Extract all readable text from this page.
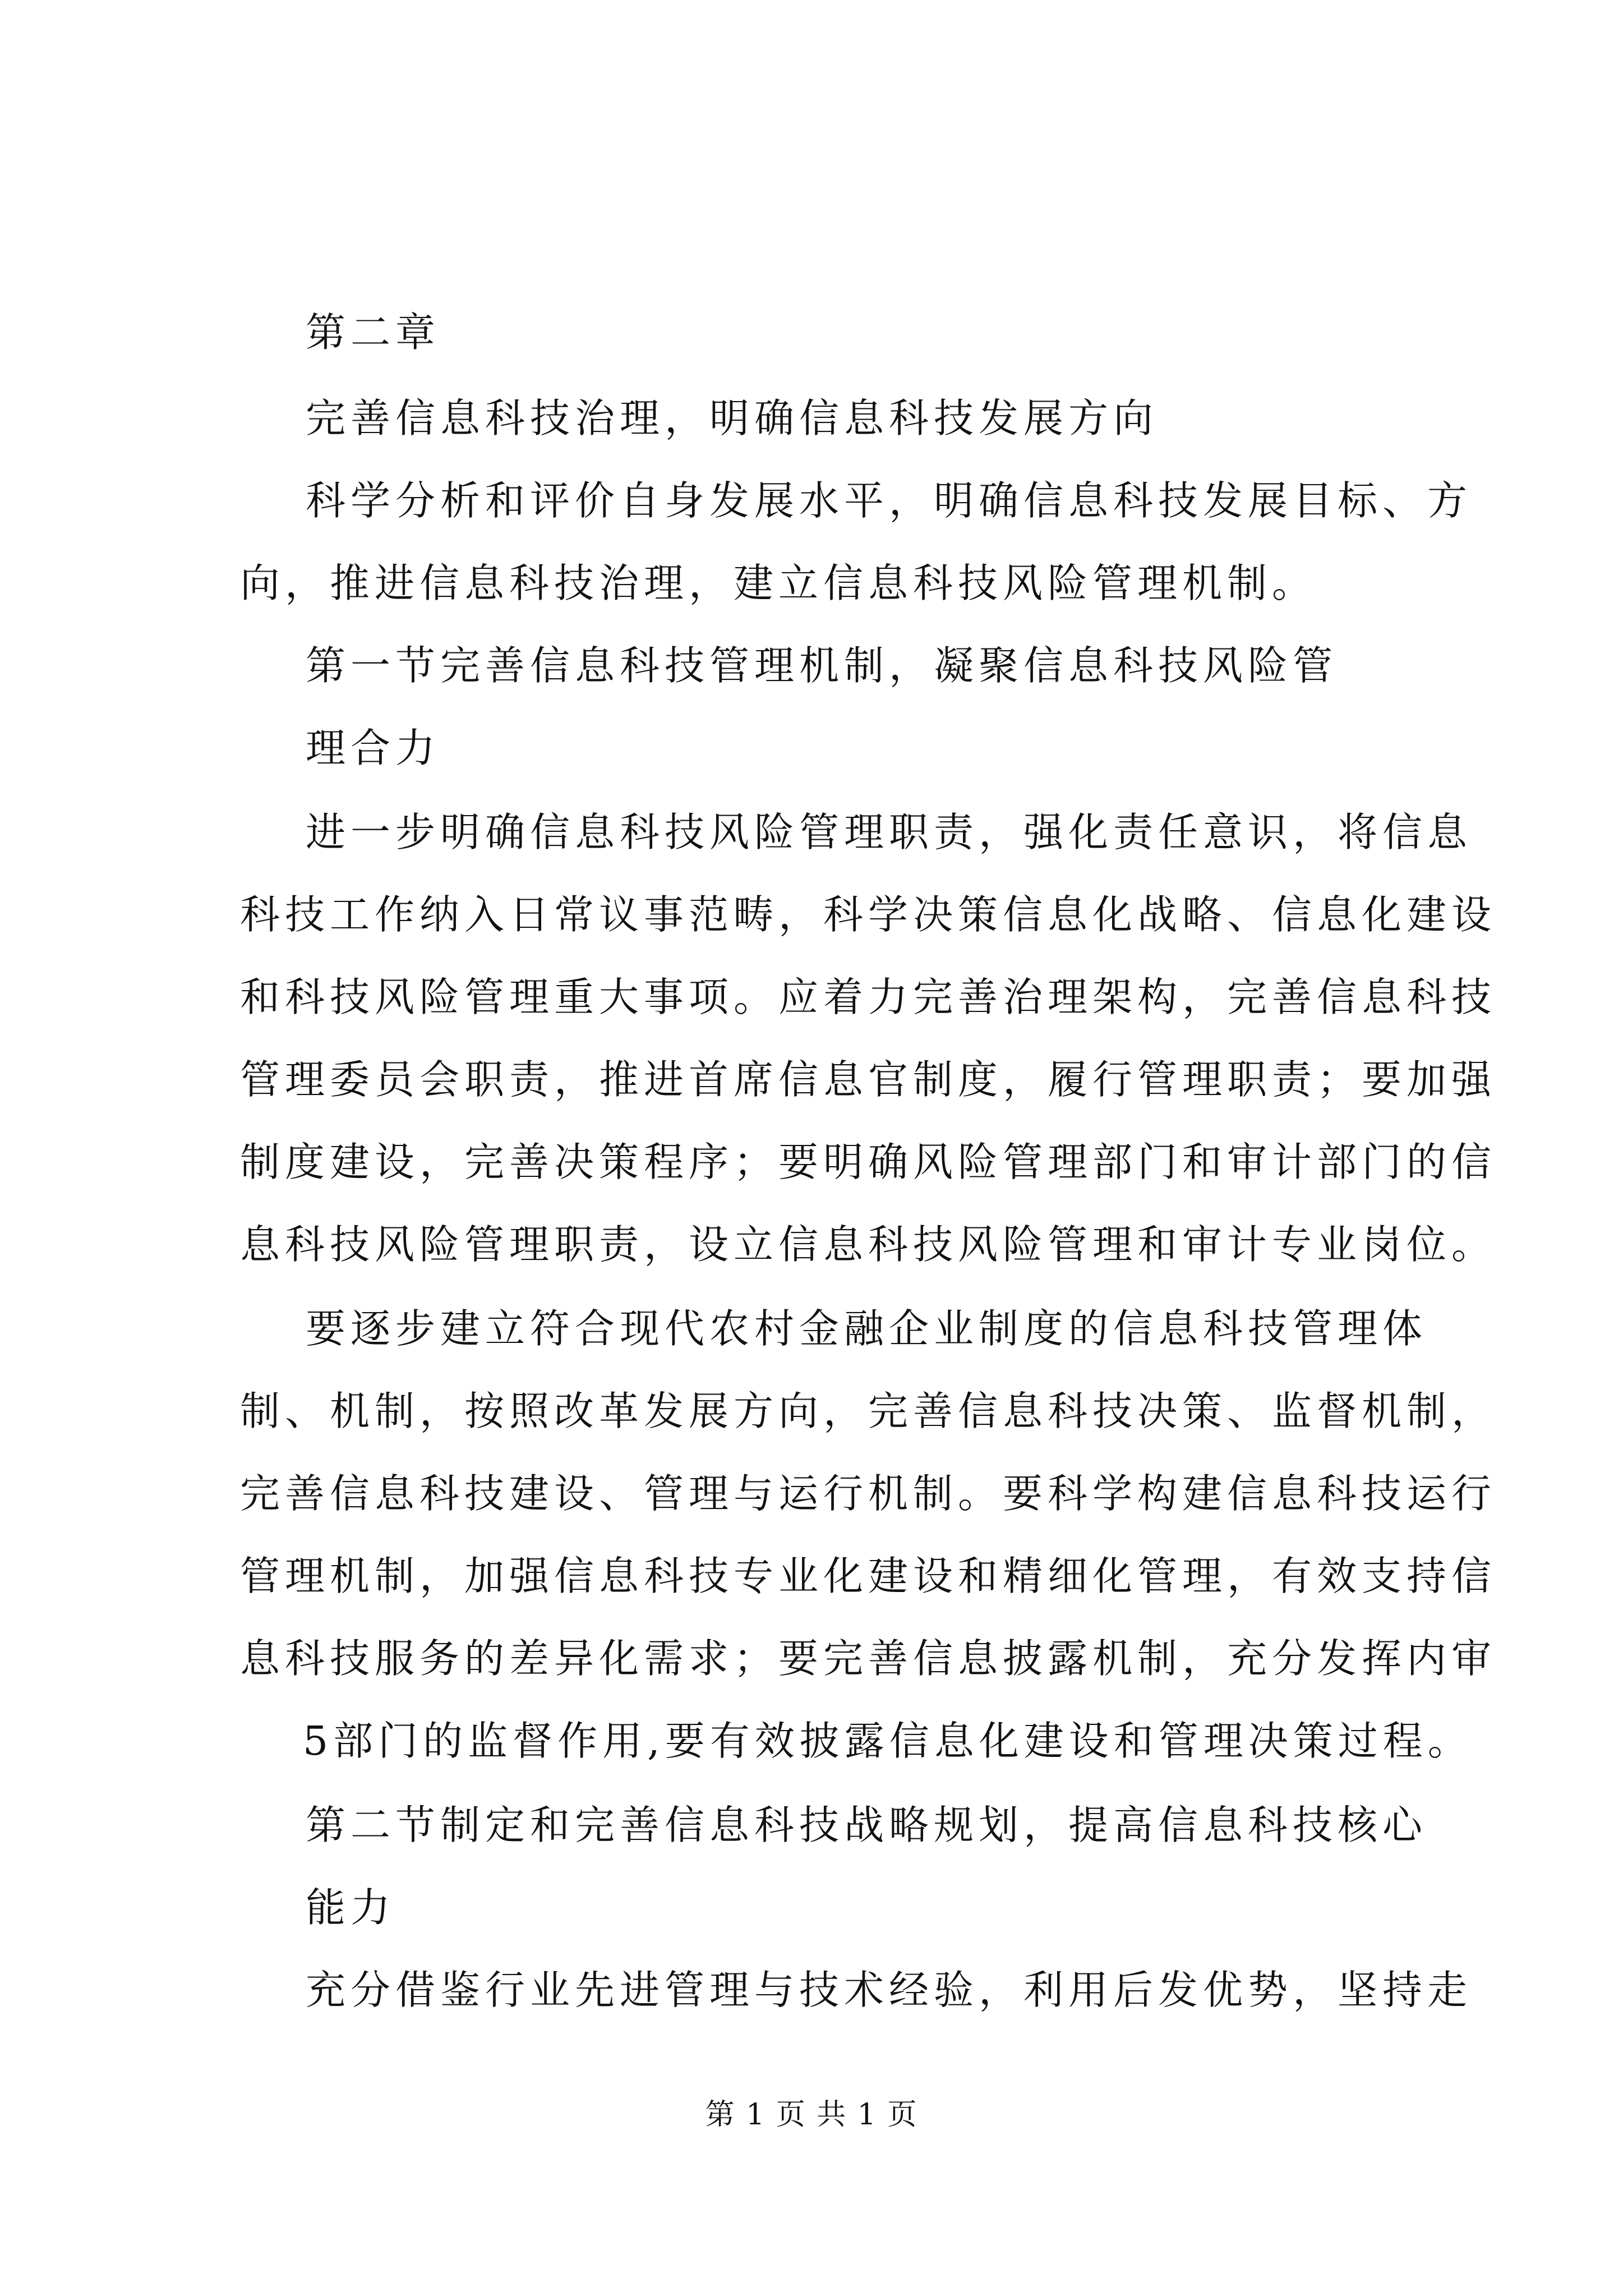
第二章

完善信息科技治理，明确信息科技发展方向

科学分析和评价自身发展水平，明确信息科技发展目标、方

向，推进信息科技治理，建立信息科技风险管理机制。

第一节完善信息科技管理机制，凝聚信息科技风险管

理合力

进一步明确信息科技风险管理职责，强化责任意识，将信息

科技工作纳入日常议事范畴，科学决策信息化战略、信息化建设

和科技风险管理重大事项。应着力完善治理架构，完善信息科技

管理委员会职责，推进首席信息官制度，履行管理职责；要加强

制度建设，完善决策程序；要明确风险管理部门和审计部门的信

息科技风险管理职责，设立信息科技风险管理和审计专业岗位。

要逐步建立符合现代农村金融企业制度的信息科技管理体

制、机制，按照改革发展方向，完善信息科技决策、监督机制，

完善信息科技建设、管理与运行机制。要科学构建信息科技运行

管理机制，加强信息科技专业化建设和精细化管理，有效支持信

息科技服务的差异化需求；要完善信息披露机制，充分发挥内审

5部门的监督作用,要有效披露信息化建设和管理决策过程。

第二节制定和完善信息科技战略规划，提高信息科技核心

能力

充分借鉴行业先进管理与技术经验，利用后发优势，坚持走

第 1 页 共 1 页
